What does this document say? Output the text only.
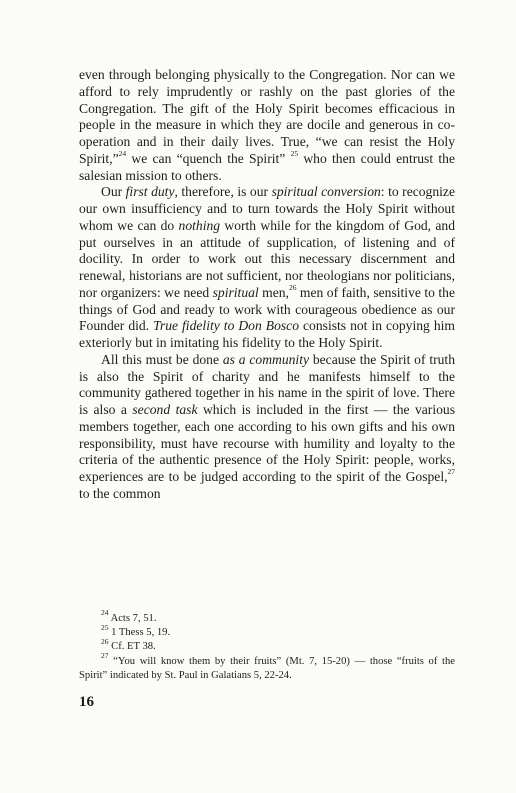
even through belonging physically to the Congregation. Nor can we afford to rely imprudently or rashly on the past glories of the Congregation. The gift of the Holy Spirit becomes efficacious in people in the measure in which they are docile and generous in co-operation and in their daily lives. True, “we can resist the Holy Spirit,”$^{24}$ we can “quench the Spirit” $^{25}$ who then could entrust the salesian mission to others.

Our first duty, therefore, is our spiritual conversion: to recognize our own insufficiency and to turn towards the Holy Spirit without whom we can do nothing worth while for the kingdom of God, and put ourselves in an attitude of supplication, of listening and of docility. In order to work out this necessary discernment and renewal, historians are not sufficient, nor theologians nor politicians, nor organizers: we need spiritual men,$^{26}$ men of faith, sensitive to the things of God and ready to work with courageous obedience as our Founder did. True fidelity to Don Bosco consists not in copying him exteriorly but in imitating his fidelity to the Holy Spirit.

All this must be done as a community because the Spirit of truth is also the Spirit of charity and he manifests himself to the community gathered together in his name in the spirit of love. There is also a second task which is included in the first — the various members together, each one according to his own gifts and his own responsibility, must have recourse with humility and loyalty to the criteria of the authentic presence of the Holy Spirit: people, works, experiences are to be judged according to the spirit of the Gospel,$^{27}$ to the common

$^{24}$ Acts 7, 51.

$^{25}$ 1 Thess 5, 19.

$^{26}$ Cf. ET 38.

$^{27}$ “You will know them by their fruits” (Mt. 7, 15-20) — those “fruits of the Spirit” indicated by St. Paul in Galatians 5, 22-24.

16
